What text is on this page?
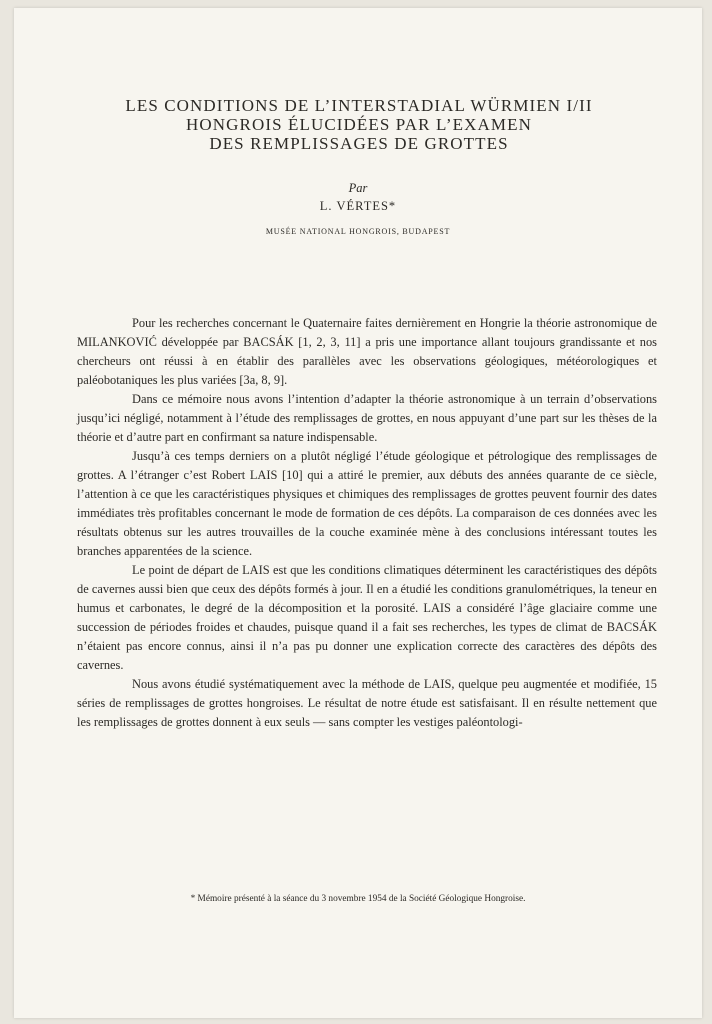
LES CONDITIONS DE L’INTERSTADIAL WÜRMIEN I/II
HONGROIS ÉLUCIDÉES PAR L’EXAMEN
DES REMPLISSAGES DE GROTTES
Par
L. VÉRTES*
MUSÉE NATIONAL HONGROIS, BUDAPEST

Pour les recherches concernant le Quaternaire faites dernièrement en Hongrie la théorie astronomique de MILANKOVIĆ développée par BACSÁK [1, 2, 3, 11] a pris une importance allant toujours grandissante et nos chercheurs ont réussi à en établir des parallèles avec les observations géologiques, météorologiques et paléobotaniques les plus variées [3a, 8, 9].

Dans ce mémoire nous avons l’intention d’adapter la théorie astronomique à un terrain d’observations jusqu’ici négligé, notamment à l’étude des remplissages de grottes, en nous appuyant d’une part sur les thèses de la théorie et d’autre part en confirmant sa nature indispensable.

Jusqu’à ces temps derniers on a plutôt négligé l’étude géologique et pétrologique des remplissages de grottes. A l’étranger c’est Robert LAIS [10] qui a attiré le premier, aux débuts des années quarante de ce siècle, l’attention à ce que les caractéristiques physiques et chimiques des remplissages de grottes peuvent fournir des dates immédiates très profitables concernant le mode de formation de ces dépôts. La comparaison de ces données avec les résultats obtenus sur les autres trouvailles de la couche examinée mène à des conclusions intéressant toutes les branches apparentées de la science.

Le point de départ de LAIS est que les conditions climatiques déterminent les caractéristiques des dépôts de cavernes aussi bien que ceux des dépôts formés à jour. Il en a étudié les conditions granulométriques, la teneur en humus et carbonates, le degré de la décomposition et la porosité. LAIS a considéré l’âge glaciaire comme une succession de périodes froides et chaudes, puisque quand il a fait ses recherches, les types de climat de BACSÁK n’étaient pas encore connus, ainsi il n’a pas pu donner une explication correcte des caractères des dépôts des cavernes.

Nous avons étudié systématiquement avec la méthode de LAIS, quelque peu augmentée et modifiée, 15 séries de remplissages de grottes hongroises. Le résultat de notre étude est satisfaisant. Il en résulte nettement que les remplissages de grottes donnent à eux seuls — sans compter les vestiges paléontologi-

* Mémoire présenté à la séance du 3 novembre 1954 de la Société Géologique Hongroise.
